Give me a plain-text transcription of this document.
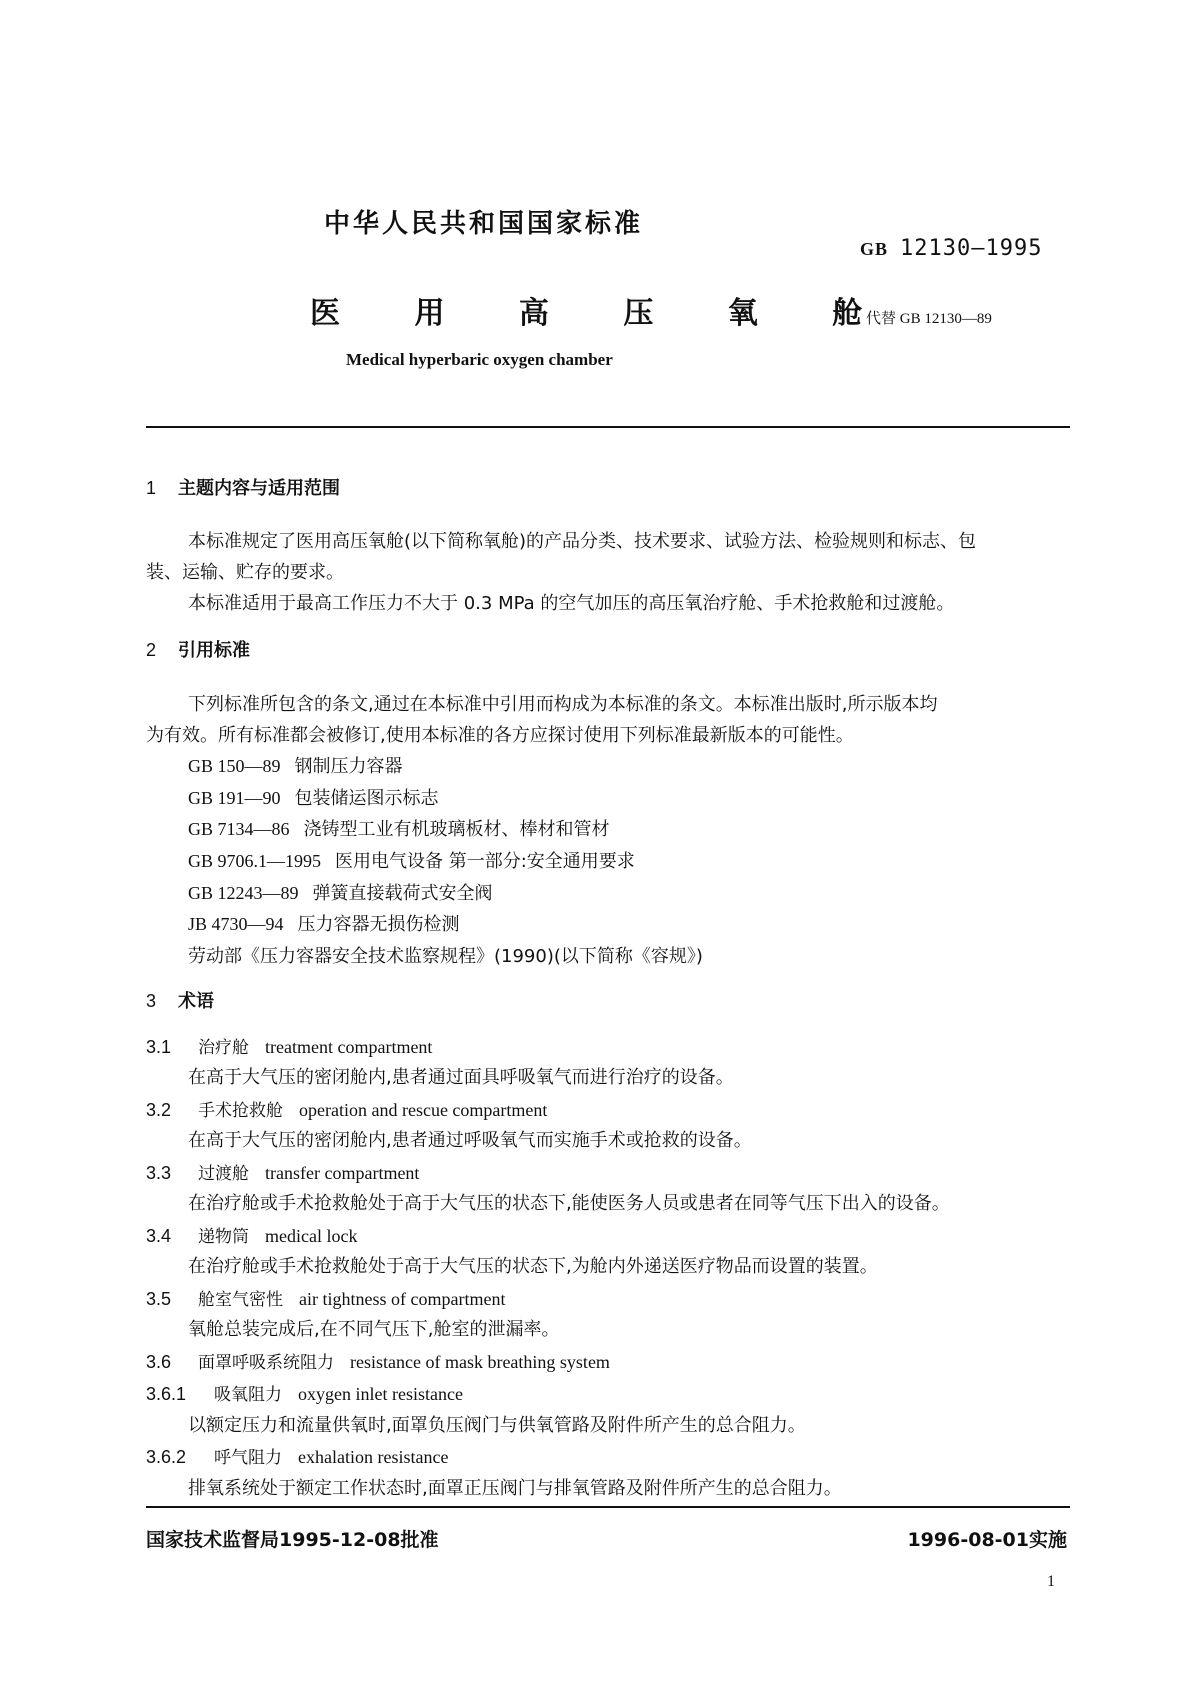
中华人民共和国国家标准
GB 12130—1995
医 用 高 压 氧 舱
代替 GB 12130—89
Medical hyperbaric oxygen chamber
1 主题内容与适用范围
本标准规定了医用高压氧舱(以下简称氧舱)的产品分类、技术要求、试验方法、检验规则和标志、包
装、运输、贮存的要求。
本标准适用于最高工作压力不大于 0.3 MPa 的空气加压的高压氧治疗舱、手术抢救舱和过渡舱。
2 引用标准
下列标准所包含的条文,通过在本标准中引用而构成为本标准的条文。本标准出版时,所示版本均
为有效。所有标准都会被修订,使用本标准的各方应探讨使用下列标准最新版本的可能性。
GB 150—89 钢制压力容器
GB 191—90 包装储运图示标志
GB 7134—86 浇铸型工业有机玻璃板材、棒材和管材
GB 9706.1—1995 医用电气设备 第一部分:安全通用要求
GB 12243—89 弹簧直接载荷式安全阀
JB 4730—94 压力容器无损伤检测
劳动部《压力容器安全技术监察规程》(1990)(以下简称《容规》)
3 术语
3.1 治疗舱 treatment compartment
在高于大气压的密闭舱内,患者通过面具呼吸氧气而进行治疗的设备。
3.2 手术抢救舱 operation and rescue compartment
在高于大气压的密闭舱内,患者通过呼吸氧气而实施手术或抢救的设备。
3.3 过渡舱 transfer compartment
在治疗舱或手术抢救舱处于高于大气压的状态下,能使医务人员或患者在同等气压下出入的设备。
3.4 递物筒 medical lock
在治疗舱或手术抢救舱处于高于大气压的状态下,为舱内外递送医疗物品而设置的装置。
3.5 舱室气密性 air tightness of compartment
氧舱总装完成后,在不同气压下,舱室的泄漏率。
3.6 面罩呼吸系统阻力 resistance of mask breathing system
3.6.1 吸氧阻力 oxygen inlet resistance
以额定压力和流量供氧时,面罩负压阀门与供氧管路及附件所产生的总合阻力。
3.6.2 呼气阻力 exhalation resistance
排氧系统处于额定工作状态时,面罩正压阀门与排氧管路及附件所产生的总合阻力。
国家技术监督局1995-12-08批准	1996-08-01实施
1
